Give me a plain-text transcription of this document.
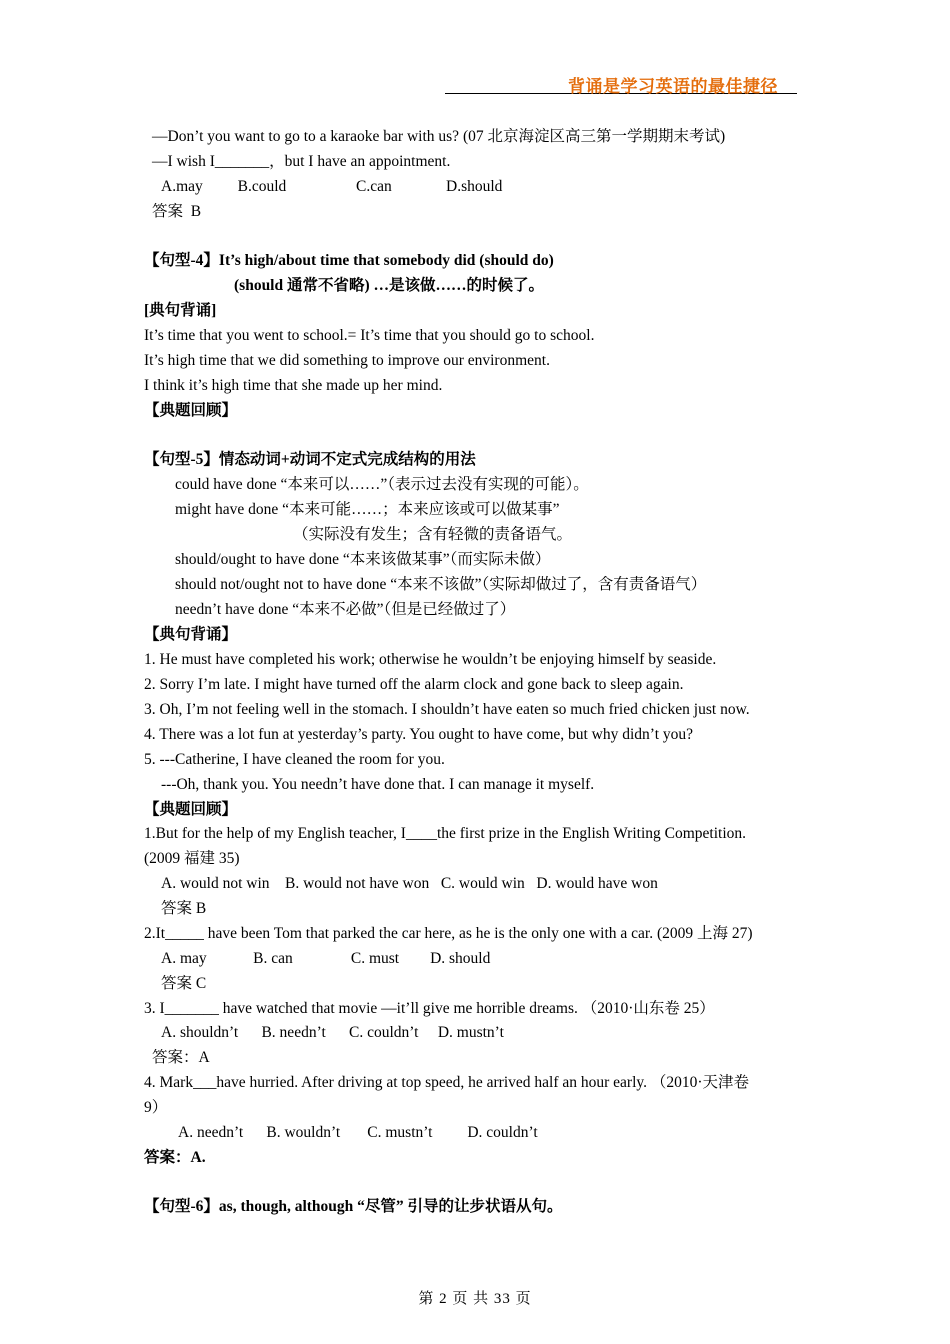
背诵是学习英语的最佳捷径
—Don’t you want to go to a karaoke bar with us? (07 北京海淀区高三第一学期期末考试)
—I wish I_______，but I have an appointment.
A.may         B.could                  C.can              D.should
答案  B
【句型-4】It’s high/about time that somebody did (should do)
(should 通常不省略) …是该做……的时候了。
[典句背诵]
It’s time that you went to school.= It’s time that you should go to school.
It’s high time that we did something to improve our environment.
I think it’s high time that she made up her mind.
【典题回顾】
【句型-5】情态动词+动词不定式完成结构的用法
could have done “本来可以……”（表示过去没有实现的可能）。
might have done “本来可能……；本来应该或可以做某事”
（实际没有发生；含有轻微的责备语气。
should/ought to have done “本来该做某事”（而实际未做）
should not/ought not to have done “本来不该做”（实际却做过了，含有责备语气）
needn’t have done “本来不必做”（但是已经做过了）
【典句背诵】
1. He must have completed his work; otherwise he wouldn’t be enjoying himself by seaside.
2. Sorry I’m late. I might have turned off the alarm clock and gone back to sleep again.
3. Oh, I’m not feeling well in the stomach. I shouldn’t have eaten so much fried chicken just now.
4. There was a lot fun at yesterday’s party. You ought to have come, but why didn’t you?
5. ---Catherine, I have cleaned the room for you.
---Oh, thank you. You needn’t have done that. I can manage it myself.
【典题回顾】
1.But for the help of my English teacher, I____the first prize in the English Writing Competition.
(2009 福建 35)
A. would not win    B. would not have won   C. would win   D. would have won
答案 B
2.It_____ have been Tom that parked the car here, as he is the only one with a car. (2009 上海 27)
A. may            B. can               C. must        D. should
答案 C
3. I_______ have watched that movie —it’ll give me horrible dreams. （2010·山东卷 25）
A. shouldn’t      B. needn’t      C. couldn’t     D. mustn’t
答案：A
4. Mark___have hurried. After driving at top speed, he arrived half an hour early. （2010·天津卷
9）
A. needn’t      B. wouldn’t       C. mustn’t         D. couldn’t
答案：A.
【句型-6】as, though, although “尽管” 引导的让步状语从句。
第 2 页 共 33 页
